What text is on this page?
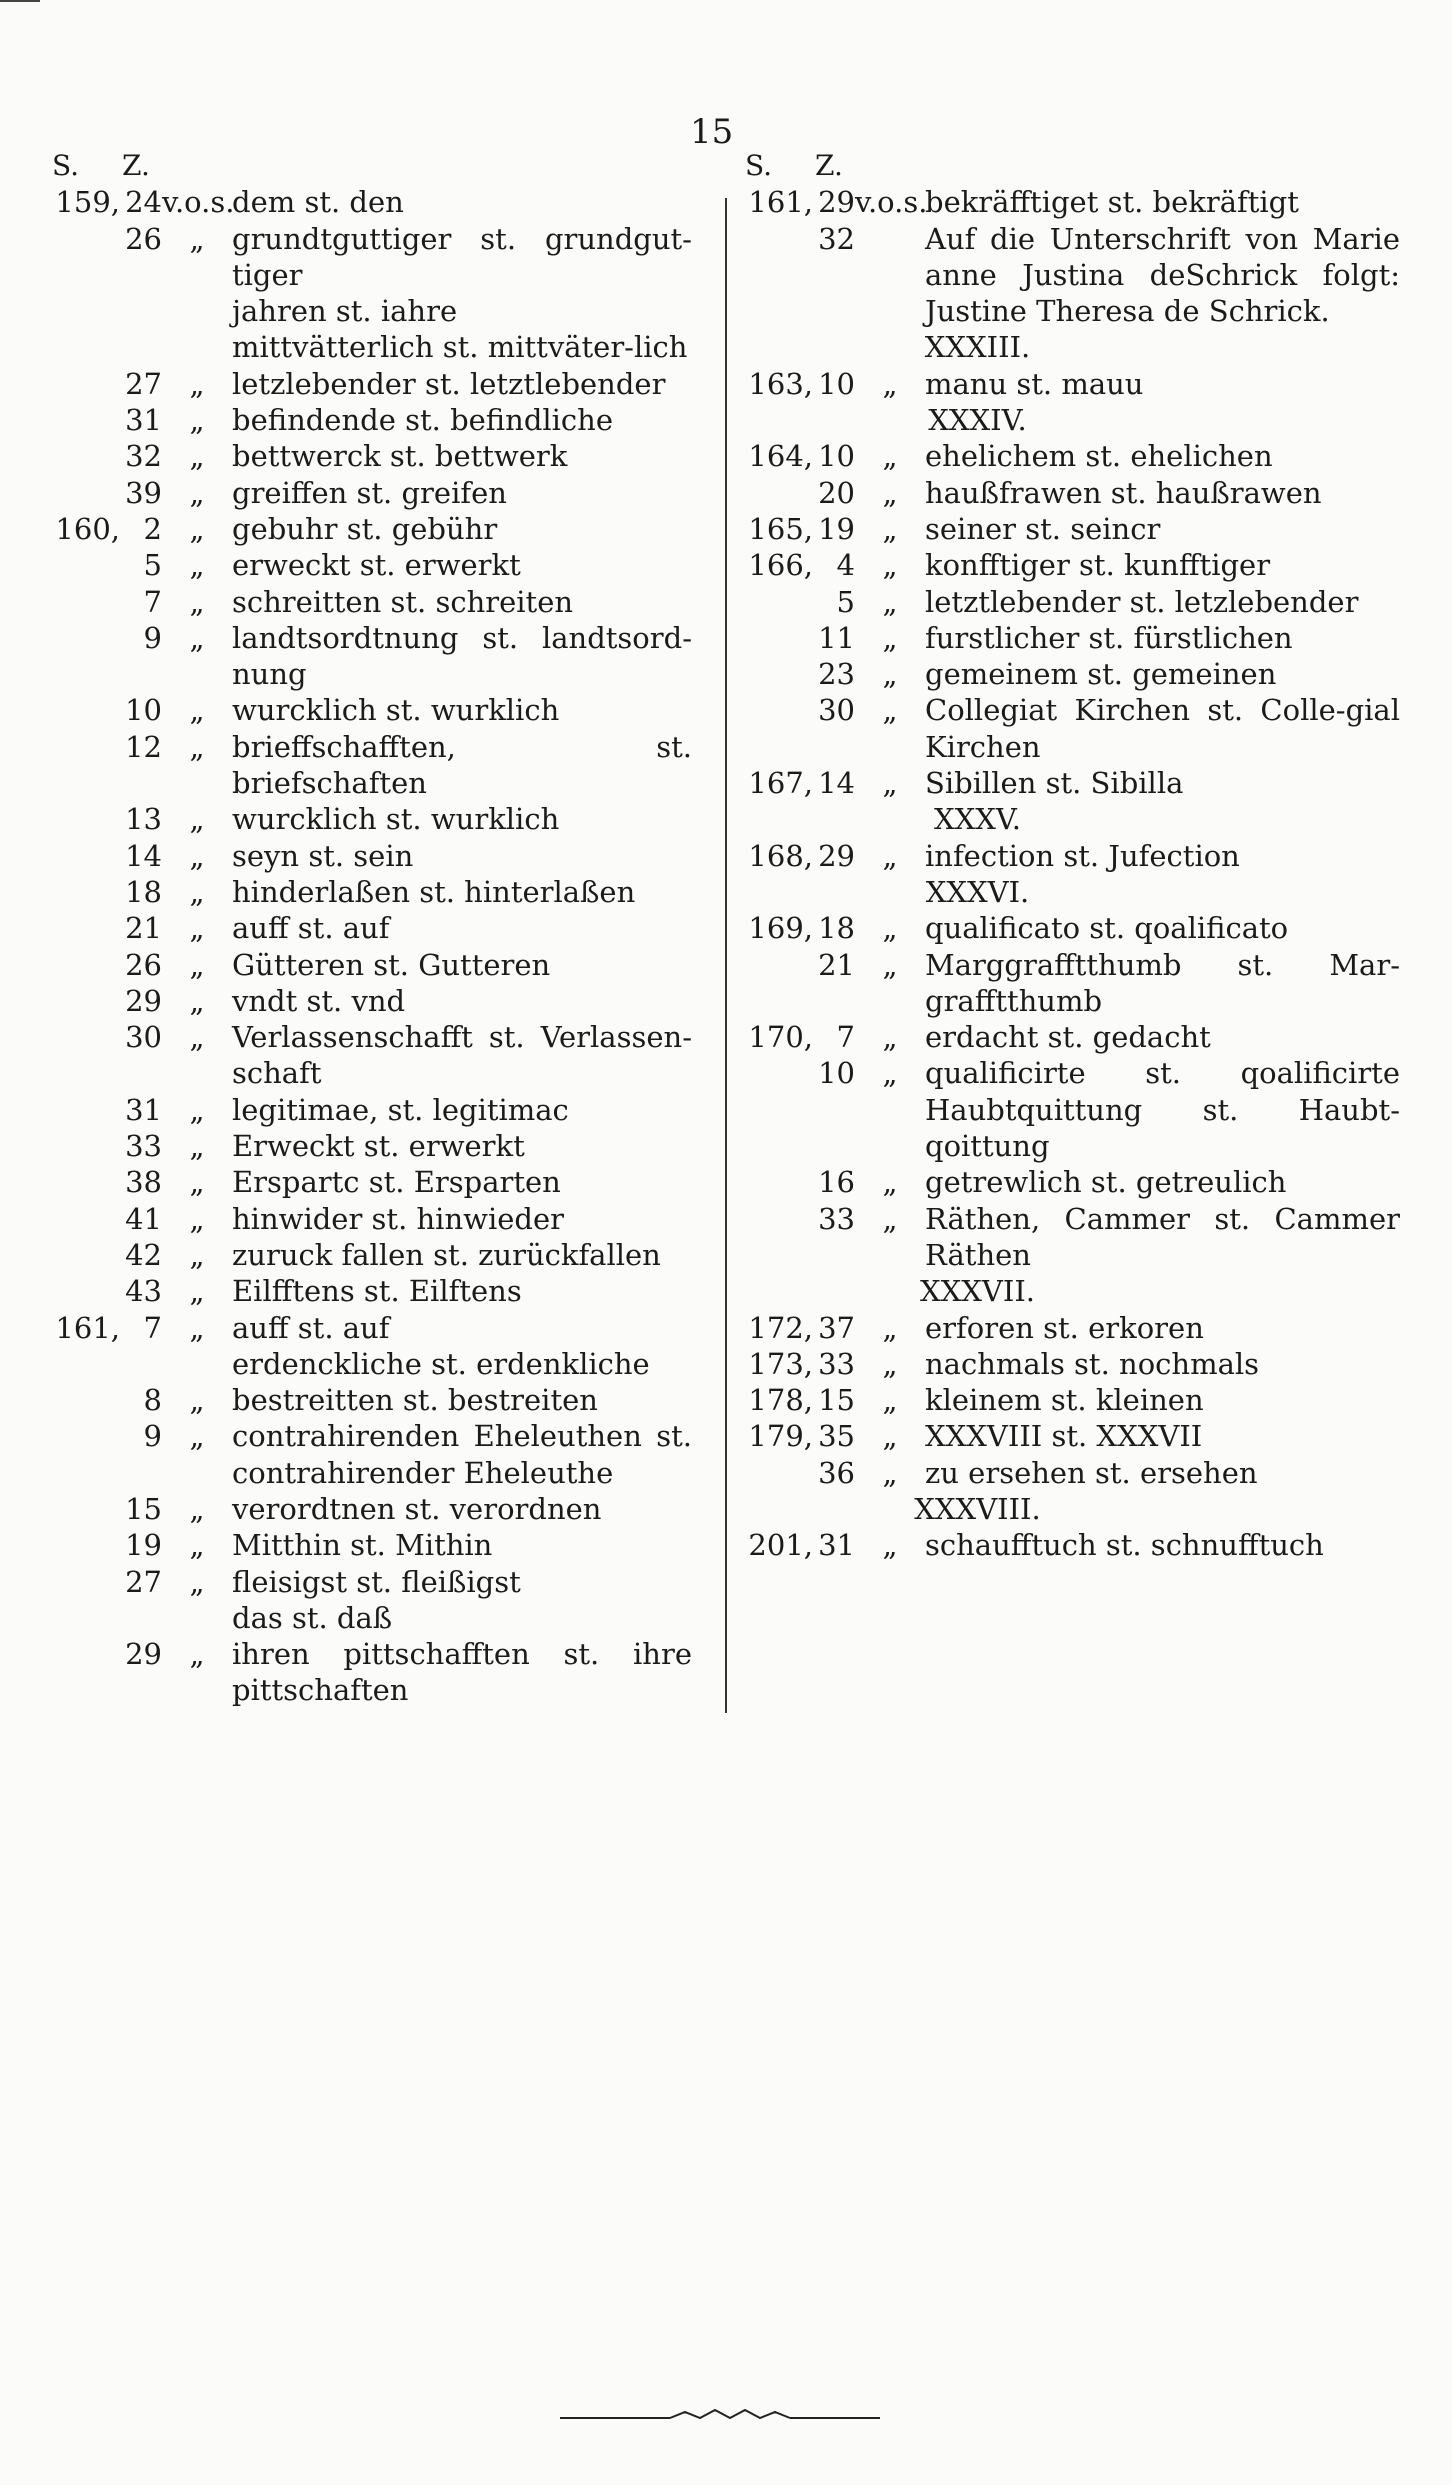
15
S.	Z.
159, 24 v.o.s.
dem st. den
26 „ grundtguttiger st. grundgut-tiger
jahren st. iahre
mittvätterlich st. mittväter-lich
27 „ letzlebender st. letztlebender
31 „ befindende st. befindliche
32 „ bettwerck st. bettwerk
39 „ greiffen st. greifen
160, 2 „ gebuhr st. gebühr
5 „ erweckt st. erwerkt
7 „ schreitten st. schreiten
9 „ landtsordtnung st. landtsord-nung
10 „ wurcklich st. wurklich
12 „ brieffschafften, st. briefschaften
13 „ wurcklich st. wurklich
14 „ seyn st. sein
18 „ hinderlaßen st. hinterlaßen
21 „ auff st. auf
26 „ Gütteren st. Gutteren
29 „ vndt st. vnd
30 „ Verlassenschafft st. Verlassen-schaft
31 „ legitimae, st. legitimac
33 „ Erweckt st. erwerkt
38 „ Erspartc st. Ersparten
41 „ hinwider st. hinwieder
42 „ zuruck fallen st. zurückfallen
43 „ Eilfftens st. Eilftens
161, 7 „ auff st. auf
erdenckliche st. erdenkliche
8 „ bestreitten st. bestreiten
9 „ contrahirenden Eheleuthen st. contrahirender Eheleuthe
15 „ verordtnen st. verordnen
19 „ Mitthin st. Mithin
27 „ fleisigst st. fleißigst
das st. daß
29 „ ihren pittschafften st. ihre pittschaften
S.	Z.
161, 29 v.o.s.
bekräfftiget st. bekräftigt
32 Auf die Unterschrift von Marie anne Justina deSchrick folgt: Justine Theresa de Schrick.
XXXIII.
163, 10 „ manu st. mauu
XXXIV.
164, 10 „ ehelichem st. ehelichen
20 „ haußfrawen st. haußrawen
165, 19 „ seiner st. seincr
166, 4 „ konfftiger st. kunfftiger
5 „ letztlebender st. letzlebender
11 „ furstlicher st. fürstlichen
23 „ gemeinem st. gemeinen
30 „ Collegiat Kirchen st. Colle-gial Kirchen
167, 14 „ Sibillen st. Sibilla
XXXV.
168, 29 „ infection st. Jufection
XXXVI.
169, 18 „ qualificato st. qoalificato
21 „ Marggrafftthumb st. Mar-grafftthumb
170, 7 „ erdacht st. gedacht
10 „ qualificirte st. qoalificirte Haubtquittung st. Haubt-qoittung
16 „ getrewlich st. getreulich
33 „ Räthen, Cammer st. Cammer Räthen
XXXVII.
172, 37 „ erforen st. erkoren
173, 33 „ nachmals st. nochmals
178, 15 „ kleinem st. kleinen
179, 35 „ XXXVIII st. XXXVII
36 „ zu ersehen st. ersehen
XXXVIII.
201, 31 „ schaufftuch st. schnufftuch
